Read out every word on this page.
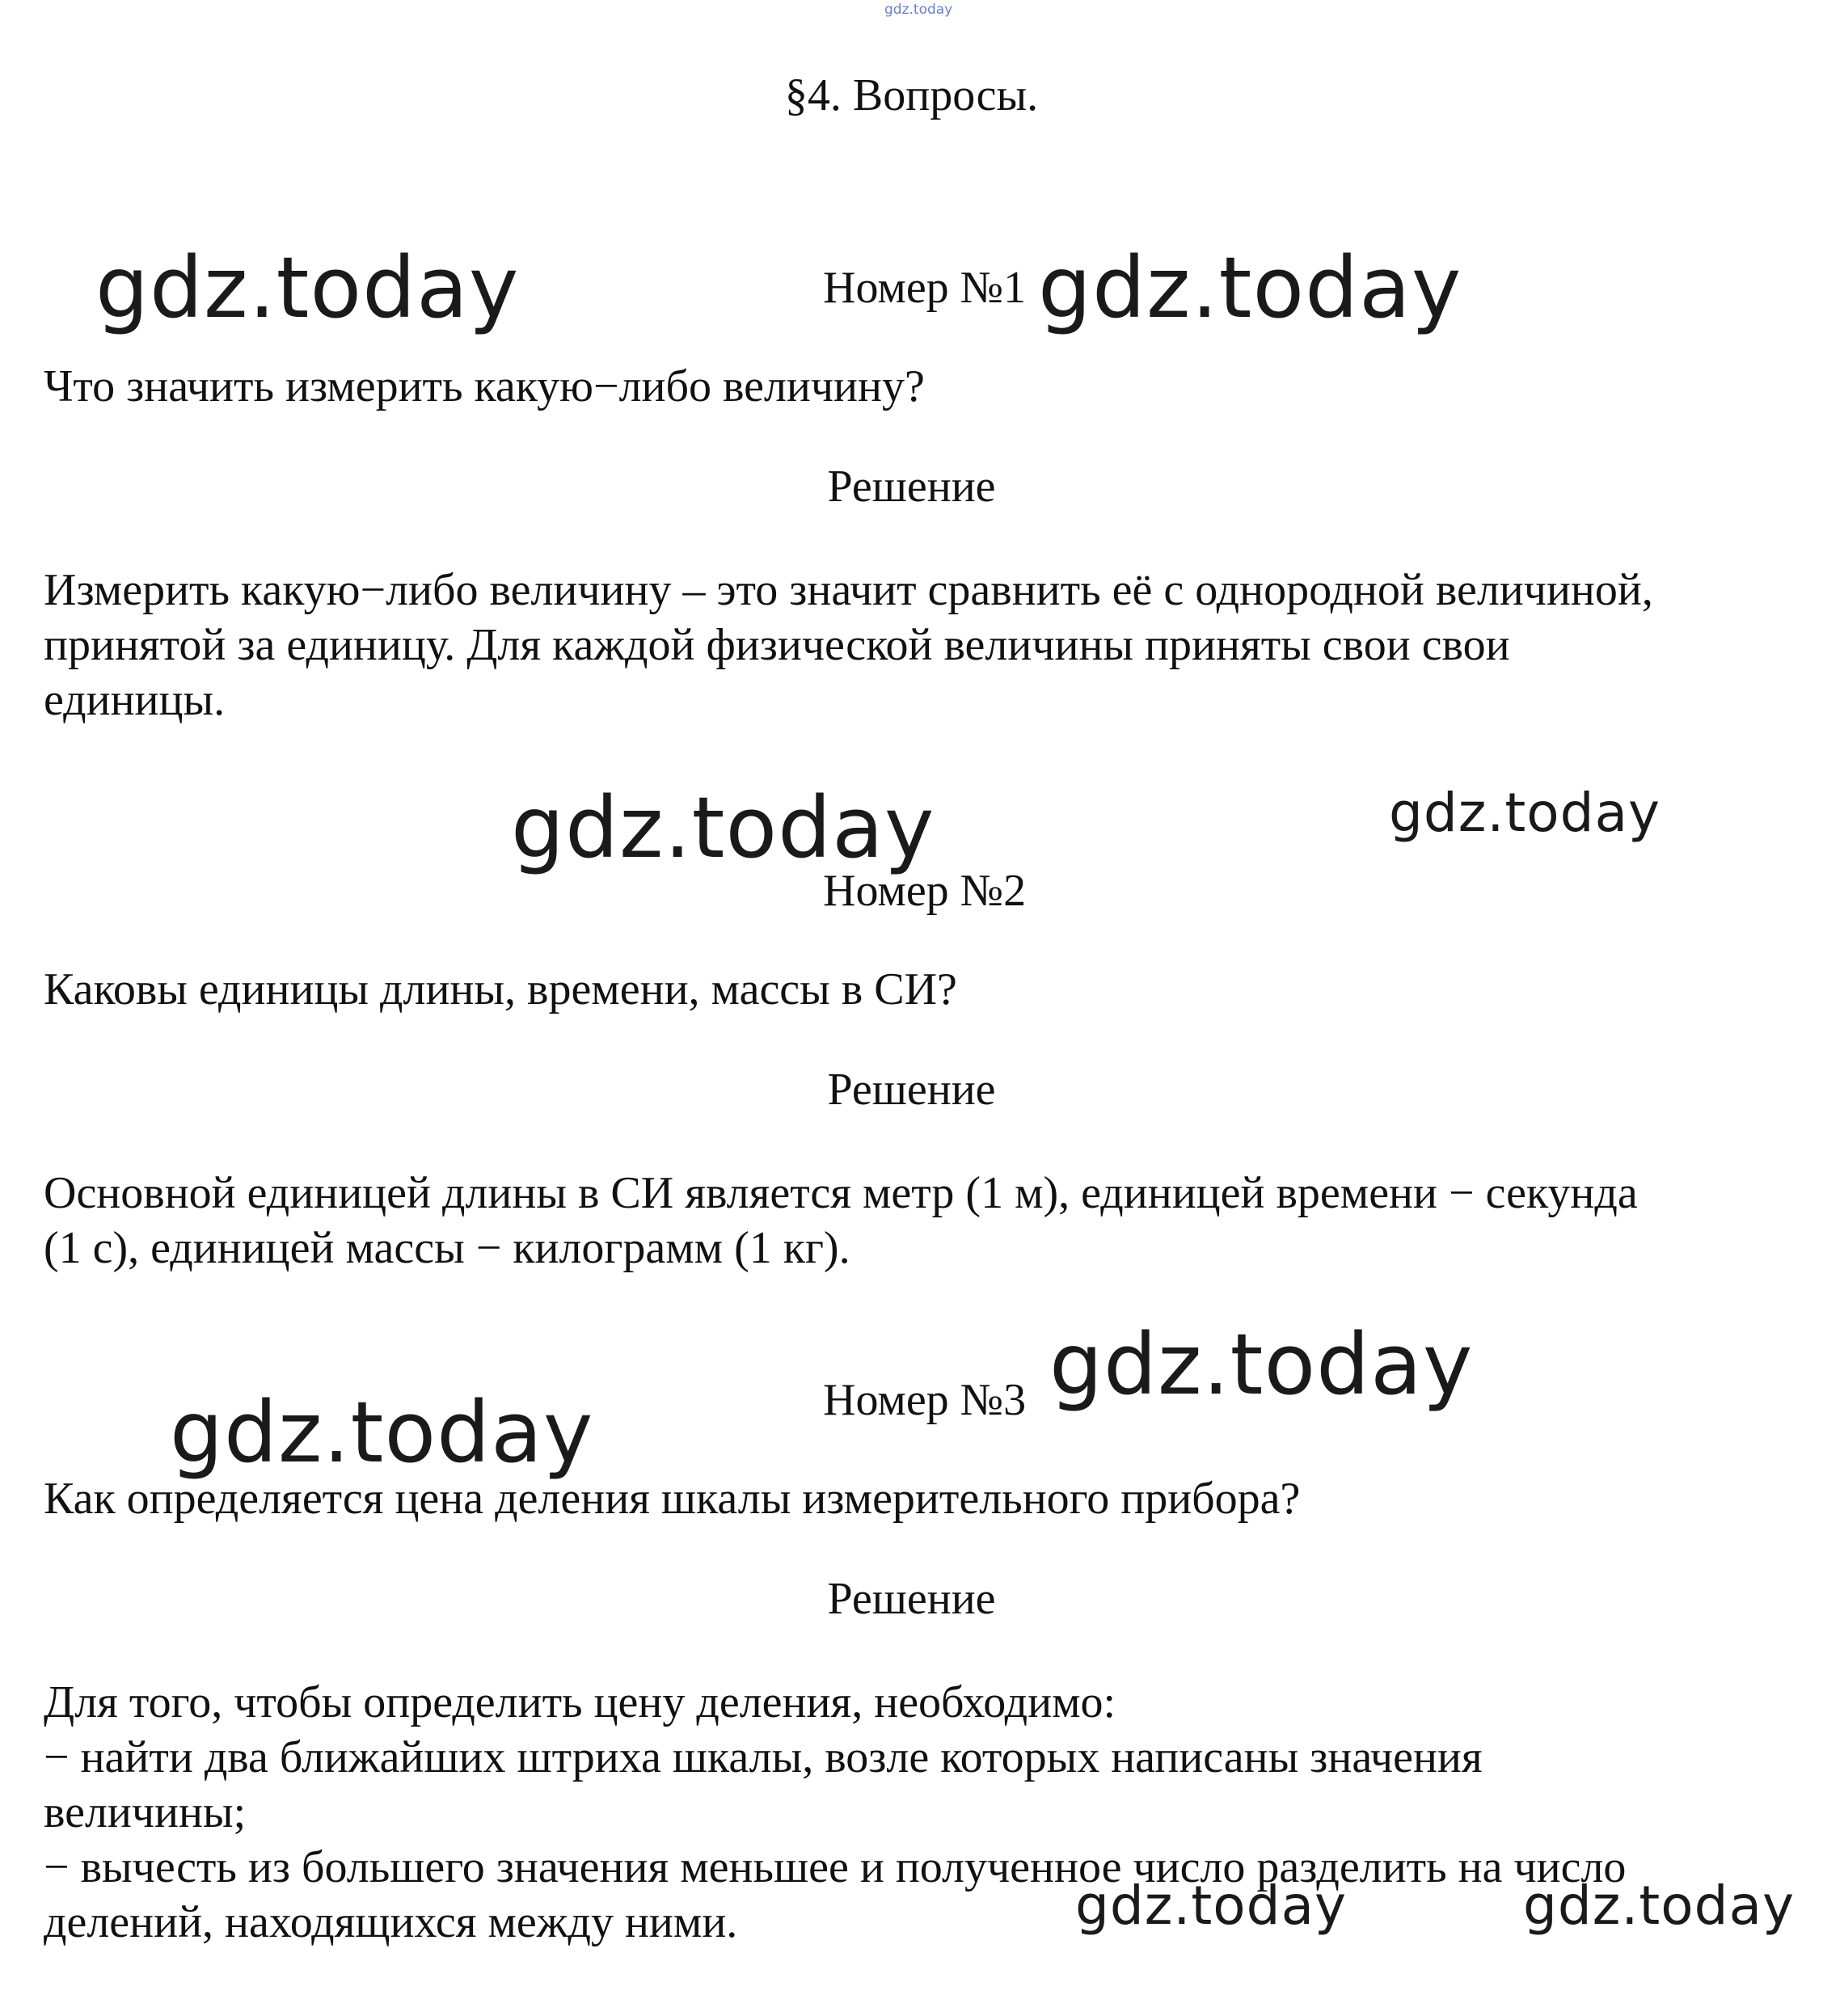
gdz.today
§4. Вопросы.
gdz.today	Номер №1 gdz.today
Что значить измерить какую−либо величину?
Решение
Измерить какую−либо величину – это значит сравнить её с однородной величиной,
принятой за единицу. Для каждой физической величины приняты свои свои
единицы.
gdz.today	gdz.today
Номер №2
Каковы единицы длины, времени, массы в СИ?
Решение
Основной единицей длины в СИ является метр (1 м), единицей времени − секунда
(1 с), единицей массы − килограмм (1 кг).
gdz.today
Номер №3
gdz.today
Как определяется цена деления шкалы измерительного прибора?
Решение
Для того, чтобы определить цену деления, необходимо:
− найти два ближайших штриха шкалы, возле которых написаны значения
величины;
− вычесть из большего значения меньшее и полученное число разделить на число
делений, находящихся между ними.	gdz.today	gdz.today
